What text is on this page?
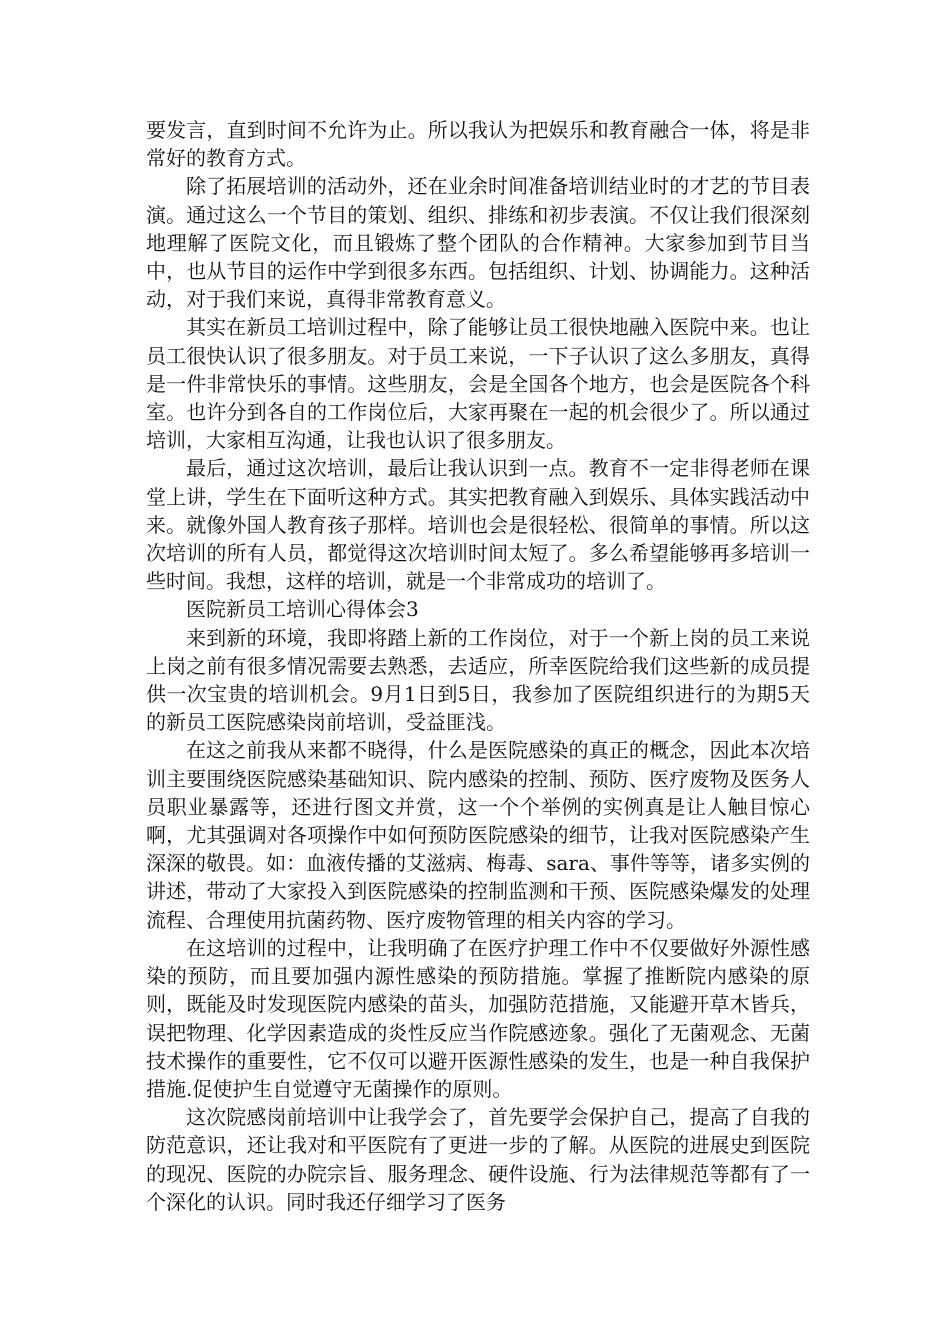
要发言，直到时间不允许为止。所以我认为把娱乐和教育融合一体，将是非常好的教育方式。

除了拓展培训的活动外，还在业余时间准备培训结业时的才艺的节目表演。通过这么一个节目的策划、组织、排练和初步表演。不仅让我们很深刻地理解了医院文化，而且锻炼了整个团队的合作精神。大家参加到节目当中，也从节目的运作中学到很多东西。包括组织、计划、协调能力。这种活动，对于我们来说，真得非常教育意义。

其实在新员工培训过程中，除了能够让员工很快地融入医院中来。也让员工很快认识了很多朋友。对于员工来说，一下子认识了这么多朋友，真得是一件非常快乐的事情。这些朋友，会是全国各个地方，也会是医院各个科室。也许分到各自的工作岗位后，大家再聚在一起的机会很少了。所以通过培训，大家相互沟通，让我也认识了很多朋友。

最后，通过这次培训，最后让我认识到一点。教育不一定非得老师在课堂上讲，学生在下面听这种方式。其实把教育融入到娱乐、具体实践活动中来。就像外国人教育孩子那样。培训也会是很轻松、很简单的事情。所以这次培训的所有人员，都觉得这次培训时间太短了。多么希望能够再多培训一些时间。我想，这样的培训，就是一个非常成功的培训了。

医院新员工培训心得体会3

来到新的环境，我即将踏上新的工作岗位，对于一个新上岗的员工来说上岗之前有很多情况需要去熟悉，去适应，所幸医院给我们这些新的成员提供一次宝贵的培训机会。9月1日到5日，我参加了医院组织进行的为期5天的新员工医院感染岗前培训，受益匪浅。

在这之前我从来都不晓得，什么是医院感染的真正的概念，因此本次培训主要围绕医院感染基础知识、院内感染的控制、预防、医疗废物及医务人员职业暴露等，还进行图文并赏，这一个个举例的实例真是让人触目惊心啊，尤其强调对各项操作中如何预防医院感染的细节，让我对医院感染产生深深的敬畏。如：血液传播的艾滋病、梅毒、sara、事件等等，诸多实例的讲述，带动了大家投入到医院感染的控制监测和干预、医院感染爆发的处理流程、合理使用抗菌药物、医疗废物管理的相关内容的学习。

在这培训的过程中，让我明确了在医疗护理工作中不仅要做好外源性感染的预防，而且要加强内源性感染的预防措施。掌握了推断院内感染的原则，既能及时发现医院内感染的苗头，加强防范措施，又能避开草木皆兵，误把物理、化学因素造成的炎性反应当作院感迹象。强化了无菌观念、无菌技术操作的重要性，它不仅可以避开医源性感染的发生，也是一种自我保护措施.促使护生自觉遵守无菌操作的原则。

这次院感岗前培训中让我学会了，首先要学会保护自己，提高了自我的防范意识，还让我对和平医院有了更进一步的了解。从医院的进展史到医院的现况、医院的办院宗旨、服务理念、硬件设施、行为法律规范等都有了一个深化的认识。同时我还仔细学习了医务
